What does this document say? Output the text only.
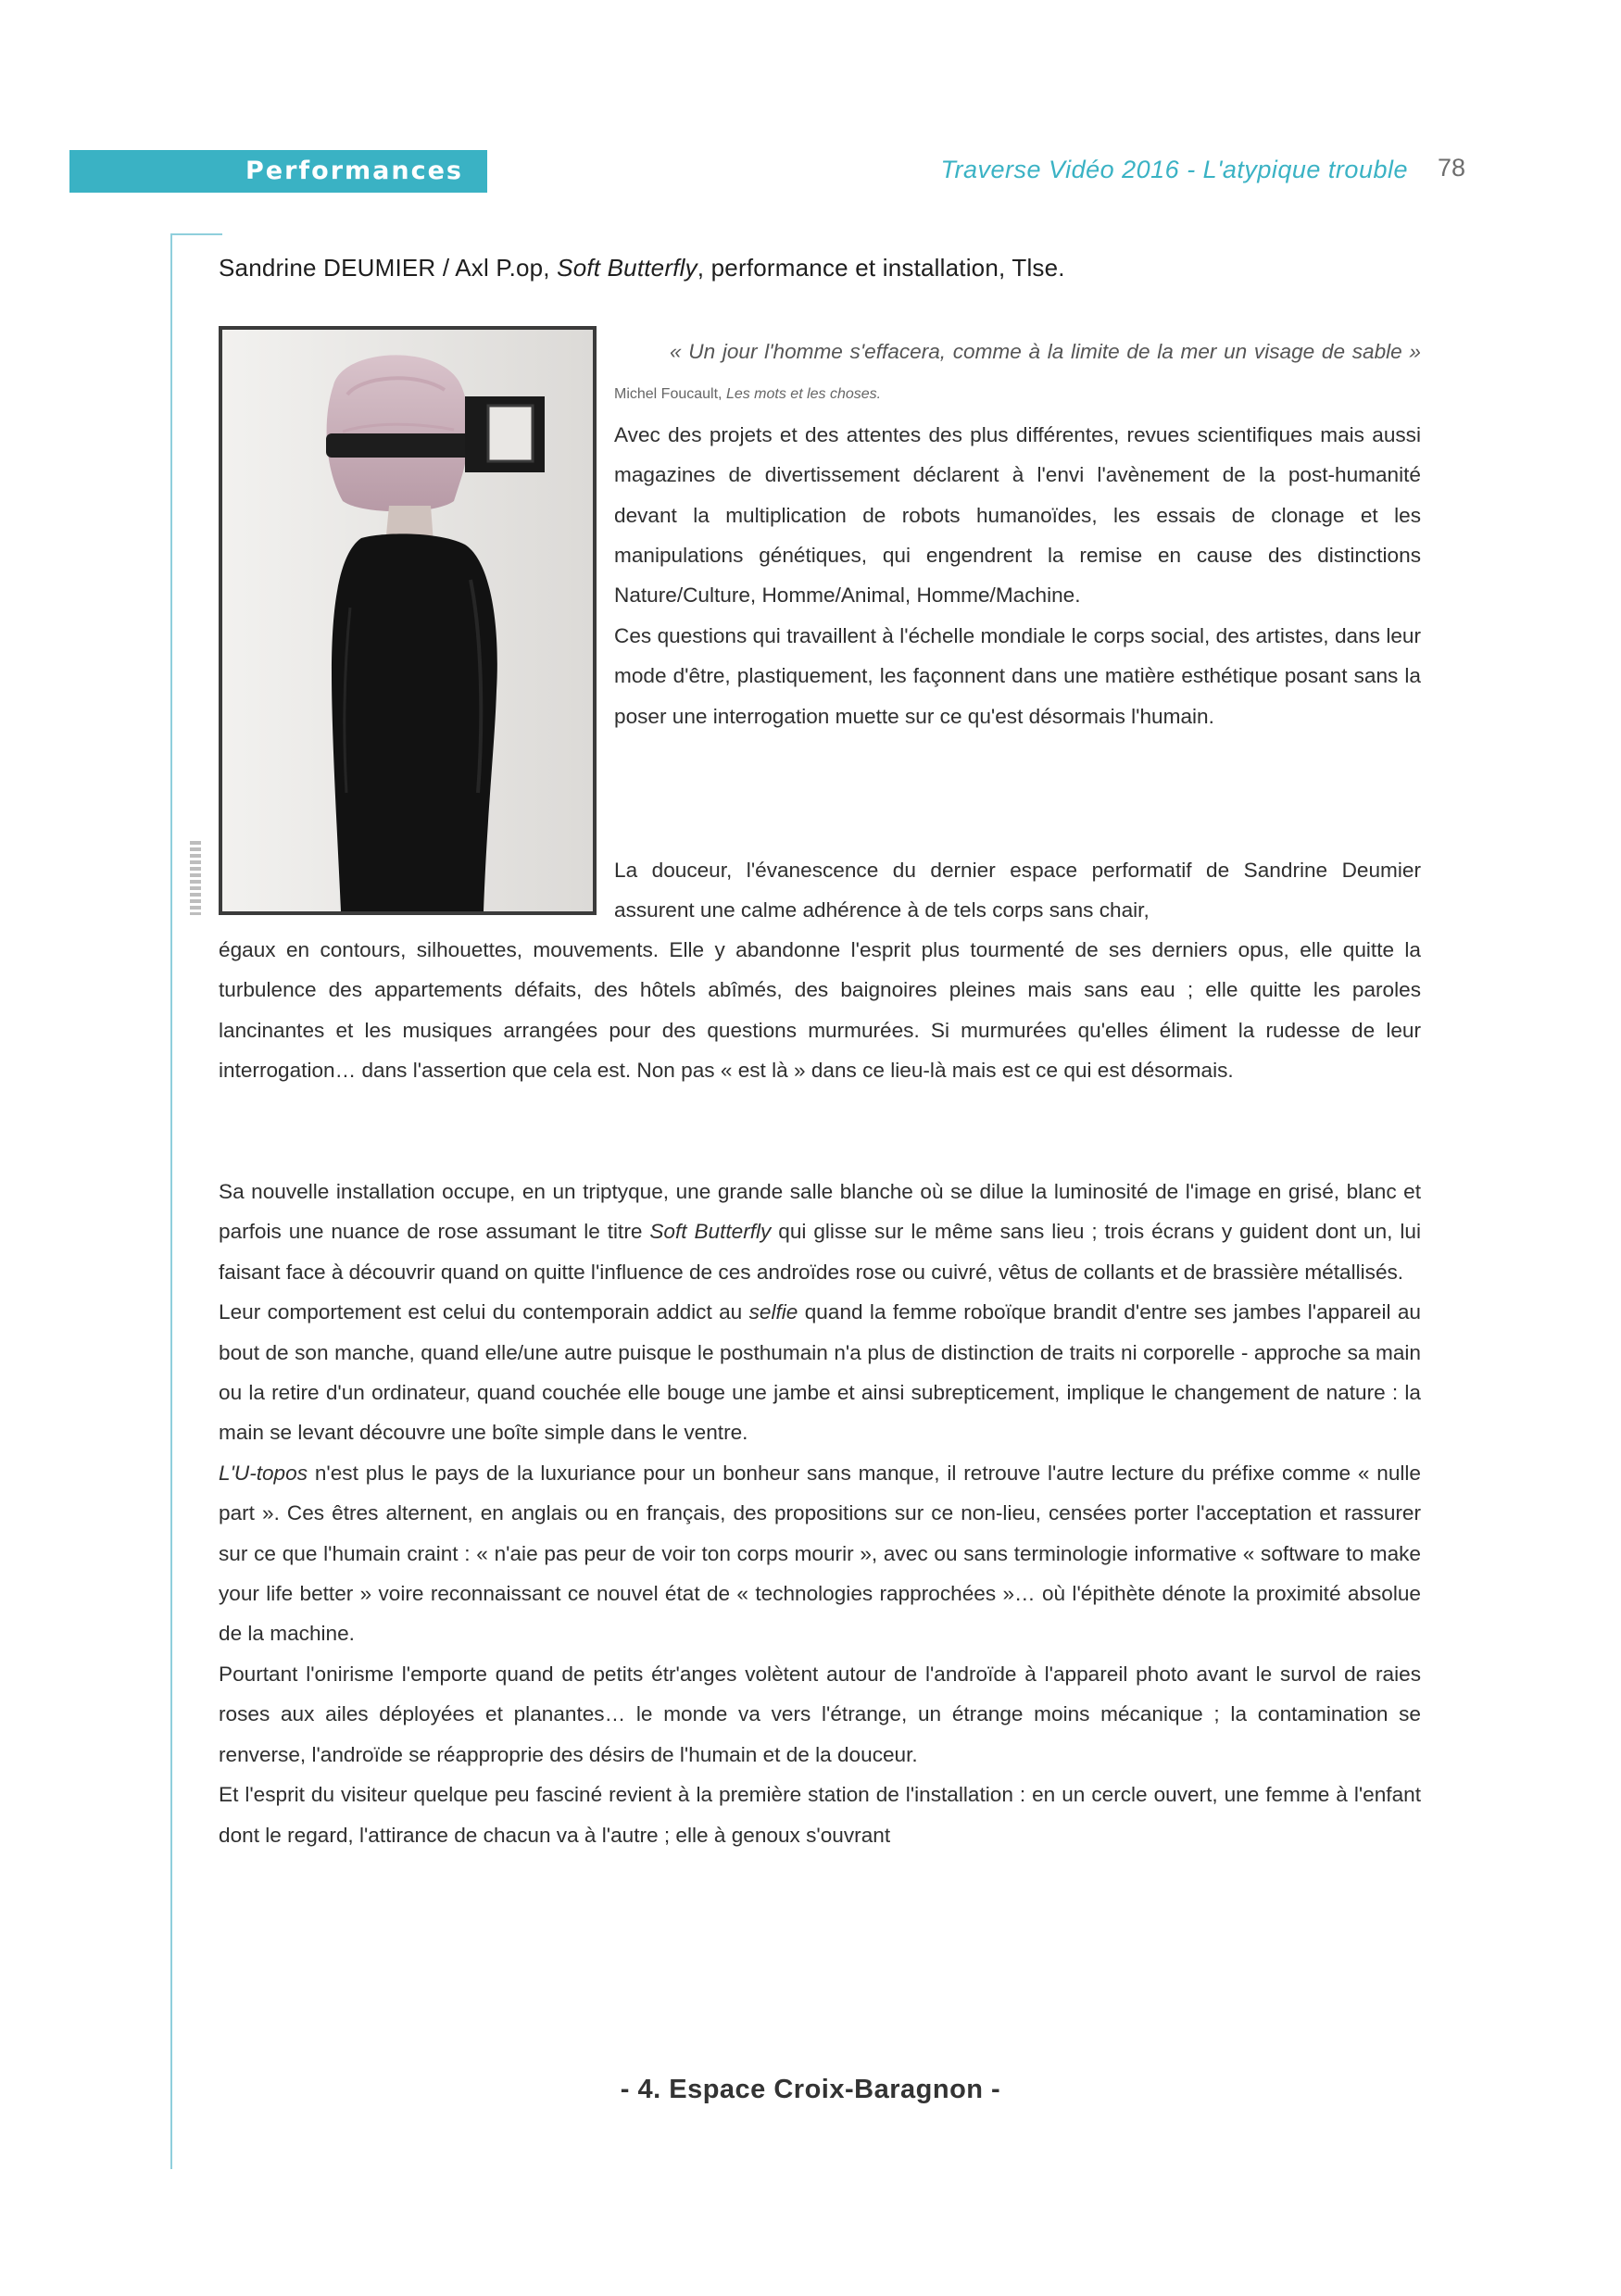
Performances	Traverse Vidéo 2016 - L'atypique trouble	78
Sandrine DEUMIER / Axl P.op, Soft Butterfly, performance et installation, Tlse.

« Un jour l'homme s'effacera, comme à la limite de la mer un visage de sable » Michel Foucault, Les mots et les choses.

Avec des projets et des attentes des plus différentes, revues scientifiques mais aussi magazines de divertissement déclarent à l'envi l'avènement de la post-humanité devant la multiplication de robots humanoïdes, les essais de clonage et les manipulations génétiques, qui engendrent la remise en cause des distinctions Nature/Culture, Homme/Animal, Homme/Machine.

Ces questions qui travaillent à l'échelle mondiale le corps social, des artistes, dans leur mode d'être, plastiquement, les façonnent dans une matière esthétique posant sans la poser une interrogation muette sur ce qu'est désormais l'humain.

La douceur, l'évanescence du dernier espace performatif de Sandrine Deumier assurent une calme adhérence à de tels corps sans chair,

égaux en contours, silhouettes, mouvements. Elle y abandonne l'esprit plus tourmenté de ses derniers opus, elle quitte la turbulence des appartements défaits, des hôtels abîmés, des baignoires pleines mais sans eau ; elle quitte les paroles lancinantes et les musiques arrangées pour des questions murmurées. Si murmurées qu'elles éliment la rudesse de leur interrogation… dans l'assertion que cela est. Non pas « est là » dans ce lieu-là mais est ce qui est désormais.

Sa nouvelle installation occupe, en un triptyque, une grande salle blanche où se dilue la luminosité de l'image en grisé, blanc et parfois une nuance de rose assumant le titre Soft Butterfly qui glisse sur le même sans lieu ; trois écrans y guident dont un, lui faisant face à découvrir quand on quitte l'influence de ces androïdes rose ou cuivré, vêtus de collants et de brassière métallisés.

Leur comportement est celui du contemporain addict au selfie quand la femme roboïque brandit d'entre ses jambes l'appareil au bout de son manche, quand elle/une autre puisque le posthumain n'a plus de distinction de traits ni corporelle - approche sa main ou la retire d'un ordinateur, quand couchée elle bouge une jambe et ainsi subrepticement, implique le changement de nature : la main se levant découvre une boîte simple dans le ventre.

L'U-topos n'est plus le pays de la luxuriance pour un bonheur sans manque, il retrouve l'autre lecture du préfixe comme « nulle part ». Ces êtres alternent, en anglais ou en français, des propositions sur ce non-lieu, censées porter l'acceptation et rassurer sur ce que l'humain craint : « n'aie pas peur de voir ton corps mourir », avec ou sans terminologie informative « software to make your life better » voire reconnaissant ce nouvel état de « technologies rapprochées »… où l'épithète dénote la proximité absolue de la machine.

Pourtant l'onirisme l'emporte quand de petits étr'anges volètent autour de l'androïde à l'appareil photo avant le survol de raies roses aux ailes déployées et planantes… le monde va vers l'étrange, un étrange moins mécanique ; la contamination se renverse, l'androïde se réapproprie des désirs de l'humain et de la douceur.

Et l'esprit du visiteur quelque peu fasciné revient à la première station de l'installation : en un cercle ouvert, une femme à l'enfant dont le regard, l'attirance de chacun va à l'autre ; elle à genoux s'ouvrant

- 4. Espace Croix-Baragnon -
